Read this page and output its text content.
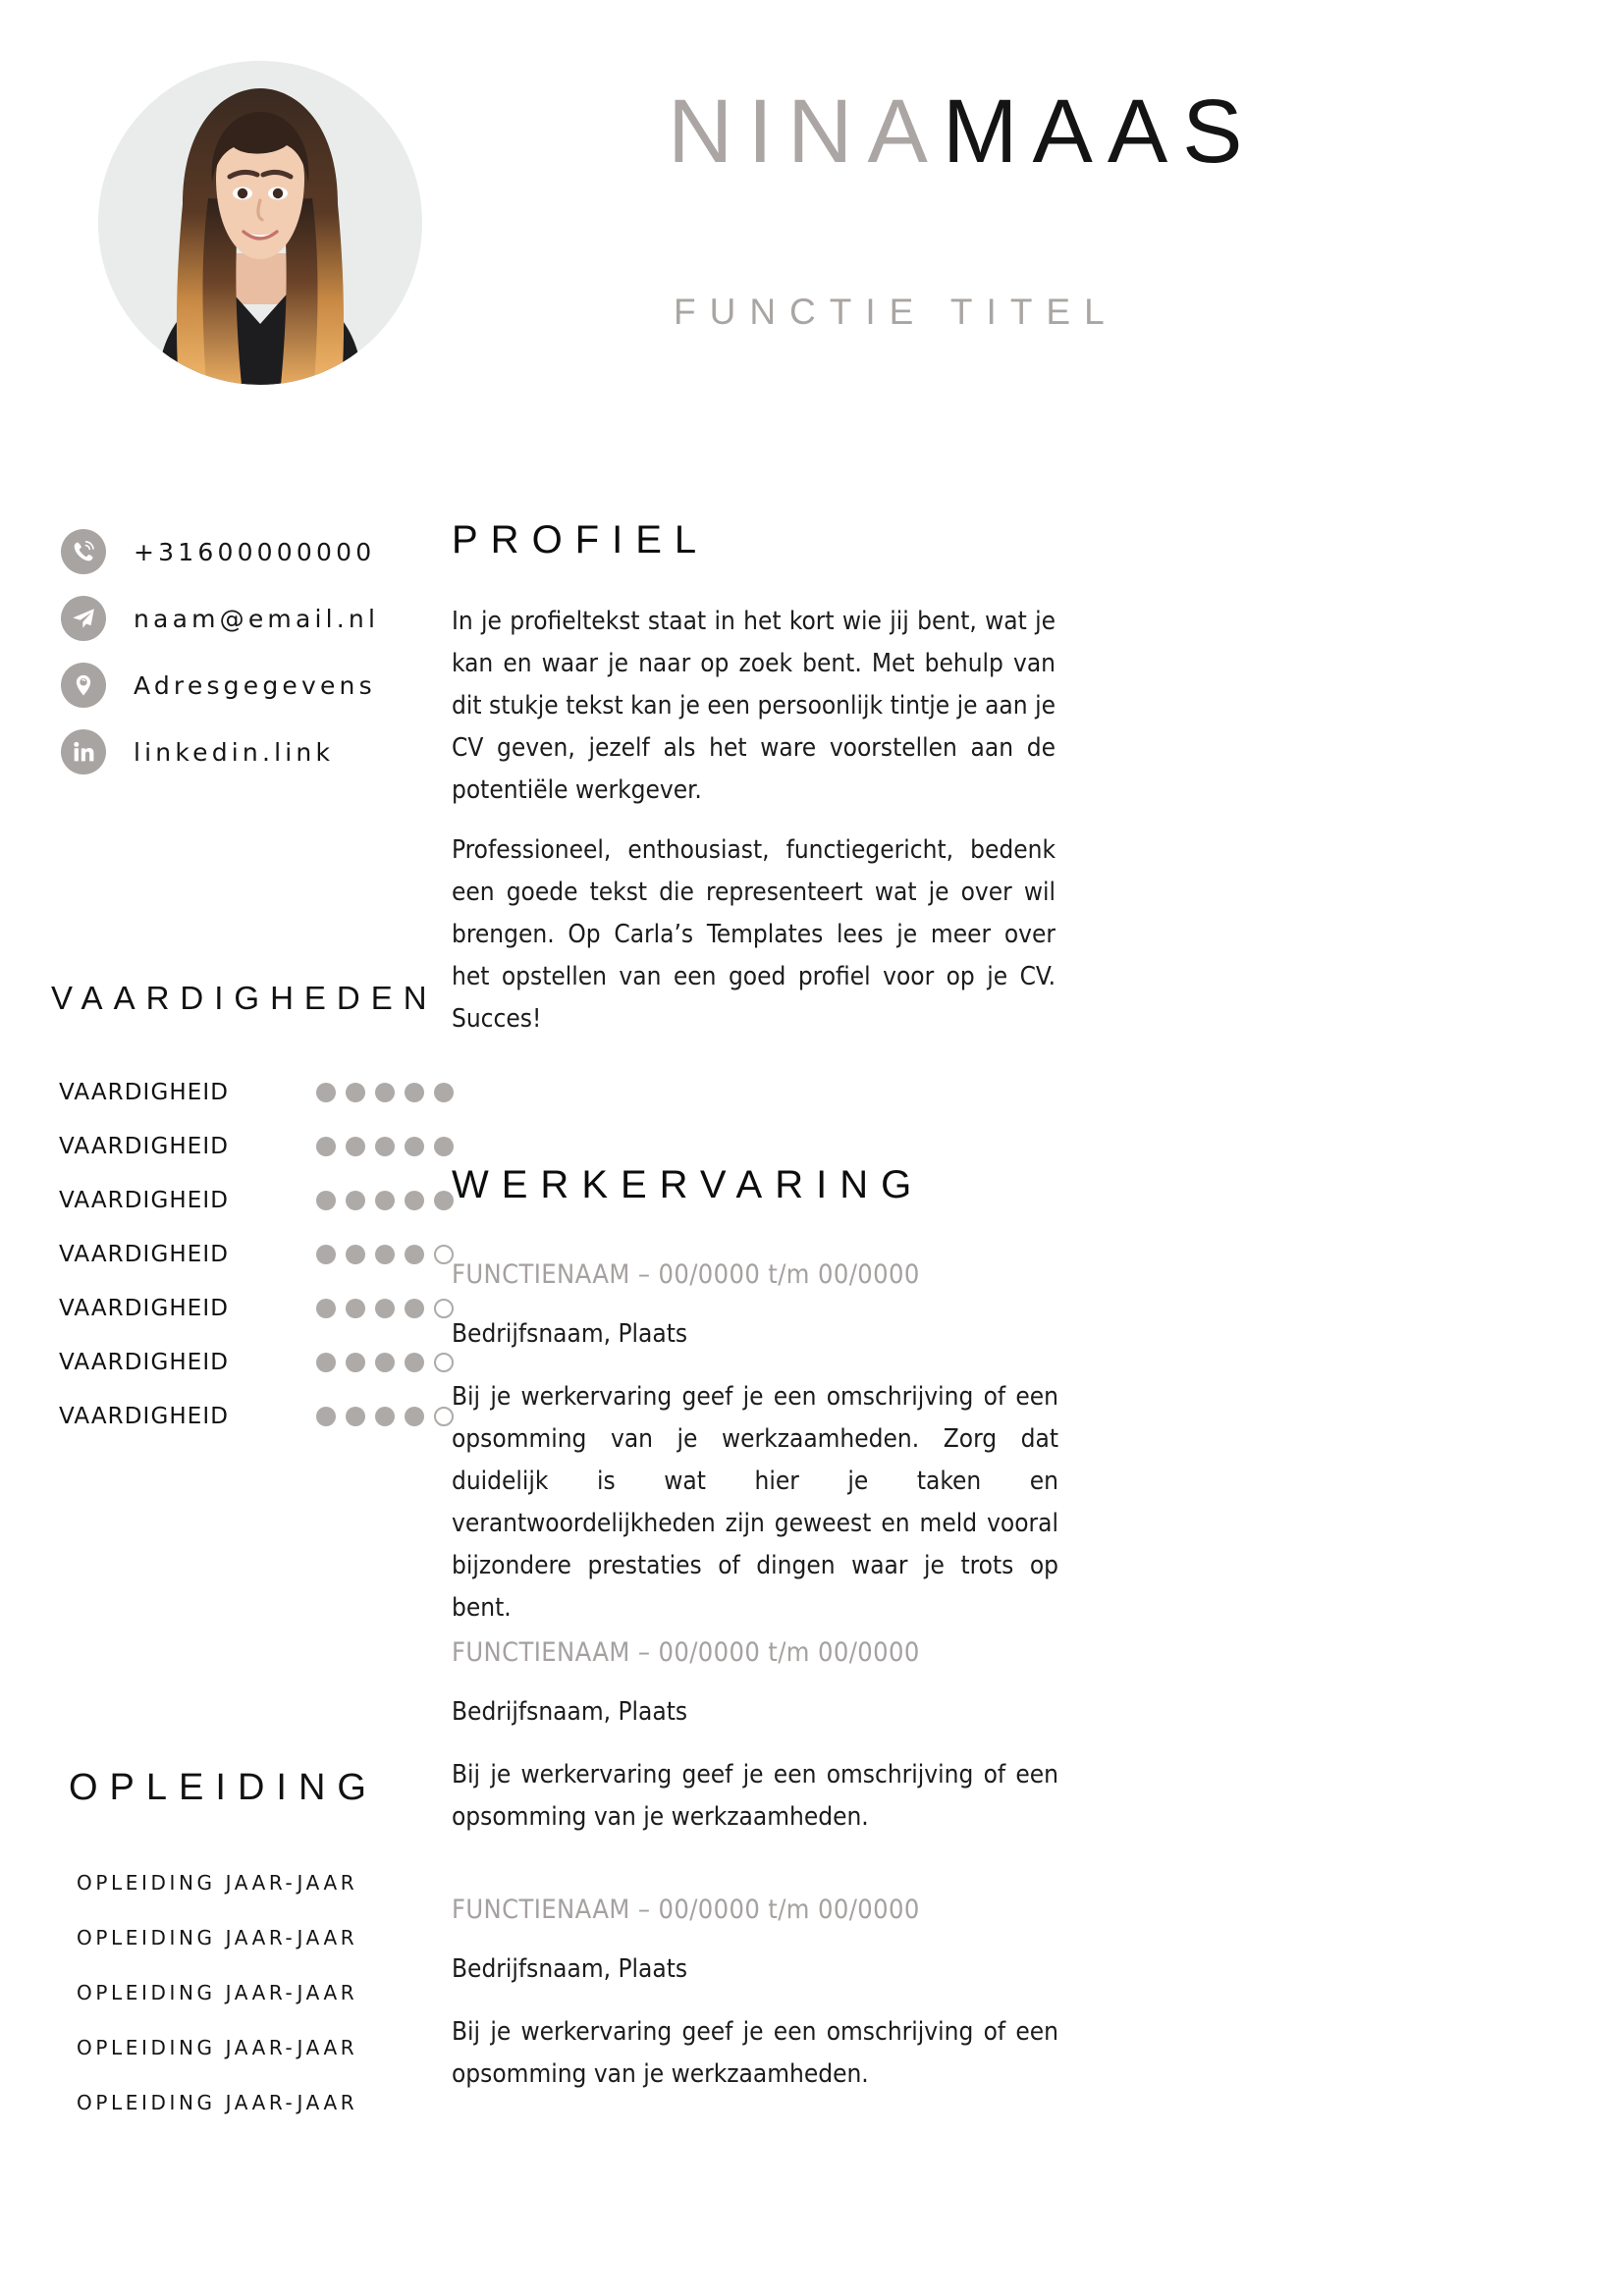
+31600000000
naam@email.nl
Adresgegevens
linkedin.link
VAARDIGHEDEN
VAARDIGHEID
VAARDIGHEID
VAARDIGHEID
VAARDIGHEID
VAARDIGHEID
VAARDIGHEID
VAARDIGHEID
OPLEIDING
OPLEIDING JAAR-JAAR
OPLEIDING JAAR-JAAR
OPLEIDING JAAR-JAAR
OPLEIDING JAAR-JAAR
OPLEIDING JAAR-JAAR
NINAMAAS
FUNCTIE TITEL
PROFIEL
In je profieltekst staat in het kort wie jij bent, wat je kan en waar je naar op zoek bent. Met behulp van dit stukje tekst kan je een persoonlijk tintje je aan je CV geven, jezelf als het ware voorstellen aan de potentiële werkgever.
Professioneel, enthousiast, functiegericht, bedenk een goede tekst die representeert wat je over wil brengen. Op Carla’s Templates lees je meer over het opstellen van een goed profiel voor op je CV. Succes!
WERKERVARING
FUNCTIENAAM – 00/0000 t/m 00/0000
Bedrijfsnaam, Plaats
Bij je werkervaring geef je een omschrijving of een opsomming van je werkzaamheden. Zorg dat duidelijk is wat hier je taken en verantwoordelijkheden zijn geweest en meld vooral bijzondere prestaties of dingen waar je trots op bent.
FUNCTIENAAM – 00/0000 t/m 00/0000
Bedrijfsnaam, Plaats
Bij je werkervaring geef je een omschrijving of een opsomming van je werkzaamheden.
FUNCTIENAAM – 00/0000 t/m 00/0000
Bedrijfsnaam, Plaats
Bij je werkervaring geef je een omschrijving of een opsomming van je werkzaamheden.
